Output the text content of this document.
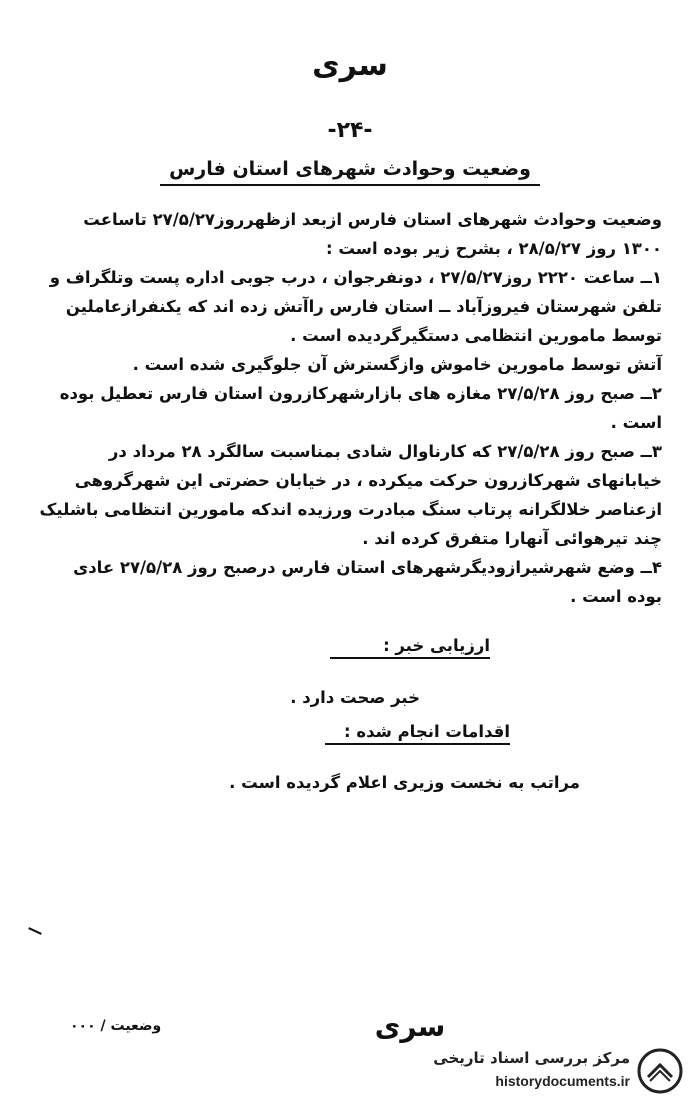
سری
-۲۴-
وضعیت وحوادث شهرهای استان فارس

وضعیت وحوادث شهرهای استان فارس ازبعد ازظهرروز۲۷/۵/۲۷ تاساعت ۱۳۰۰ روز ۲۸/۵/۲۷ ، بشرح زیر بوده است :

۱ــ ساعت ۲۲۲۰ روز۲۷/۵/۲۷ ، دونفرجوان ، درب جوبی اداره پست وتلگراف و تلفن شهرستان فیروزآباد ــ استان فارس راآتش زده اند که یکنفرازعاملین توسط مامورین انتظامی دستگیرگردیده است .

آتش توسط مامورین خاموش وازگسترش آن جلوگیری شده است .

۲ــ صبح روز ۲۷/۵/۲۸ مغازه های بازارشهرکازرون استان فارس تعطیل بوده است .

۳ــ صبح روز ۲۷/۵/۲۸ که کارناوال شادی بمناسبت سالگرد ۲۸ مرداد در خیابانهای شهرکازرون حرکت میکرده ، در خیابان حضرتی این شهرگروهی ازعناصر خلالگرانه پرتاب سنگ مبادرت ورزیده اندکه مامورین انتظامی باشلیک چند تیرهوائی آنهارا متفرق کرده اند .

۴ــ وضع شهرشیرازودیگرشهرهای استان فارس درصبح روز ۲۷/۵/۲۸ عادی بوده است .

ارزیابی خبر :
خبر صحت دارد .
اقدامات انجام شده :
مراتب به نخست وزیری اعلام گردیده است .
وضعیت / ۰۰۰	سری
مرکز بررسی اسناد تاریخی
historydocuments.ir
